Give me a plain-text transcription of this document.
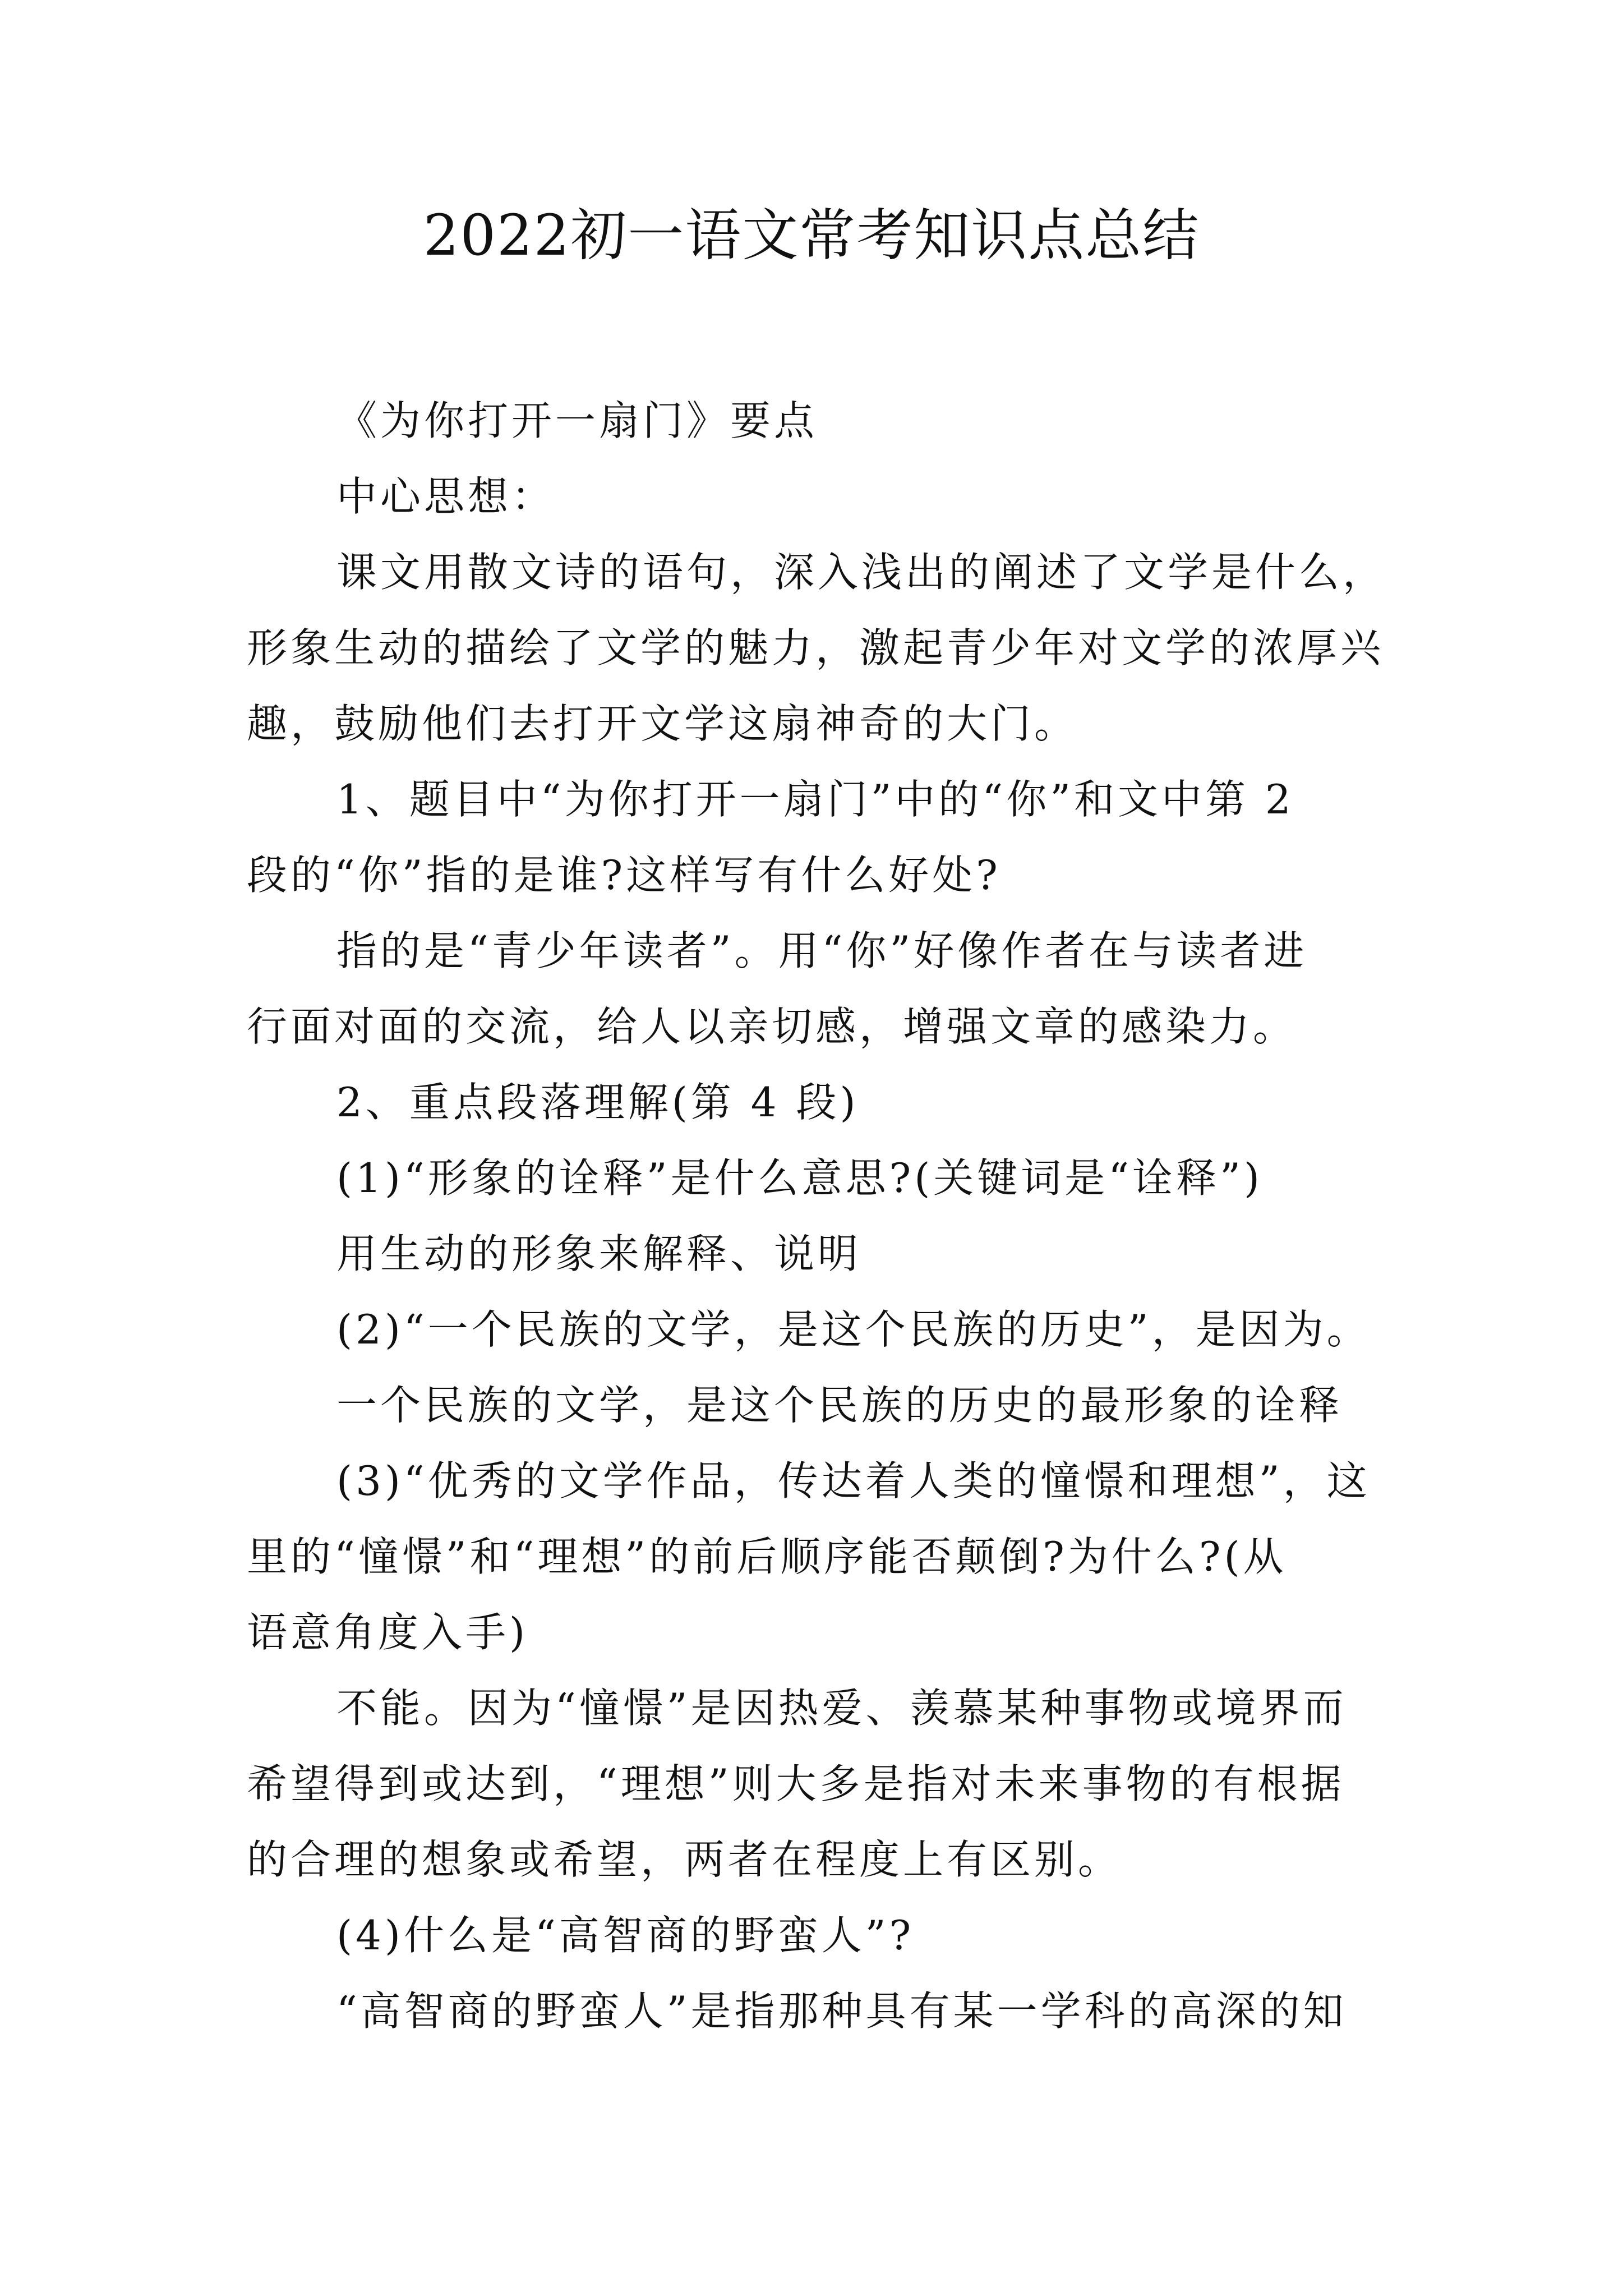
2022初一语文常考知识点总结

《为你打开一扇门》要点

中心思想：

课文用散文诗的语句，深入浅出的阐述了文学是什么，

形象生动的描绘了文学的魅力，激起青少年对文学的浓厚兴

趣，鼓励他们去打开文学这扇神奇的大门。

1、题目中“为你打开一扇门”中的“你”和文中第 2

段的“你”指的是谁?这样写有什么好处?

指的是“青少年读者”。用“你”好像作者在与读者进

行面对面的交流，给人以亲切感，增强文章的感染力。

2、重点段落理解(第 4 段)

(1)“形象的诠释”是什么意思?(关键词是“诠释”)

用生动的形象来解释、说明

(2)“一个民族的文学，是这个民族的历史”，是因为。

一个民族的文学，是这个民族的历史的最形象的诠释

(3)“优秀的文学作品，传达着人类的憧憬和理想”，这

里的“憧憬”和“理想”的前后顺序能否颠倒?为什么?(从

语意角度入手)

不能。因为“憧憬”是因热爱、羡慕某种事物或境界而

希望得到或达到，“理想”则大多是指对未来事物的有根据

的合理的想象或希望，两者在程度上有区别。

(4)什么是“高智商的野蛮人”?

“高智商的野蛮人”是指那种具有某一学科的高深的知
